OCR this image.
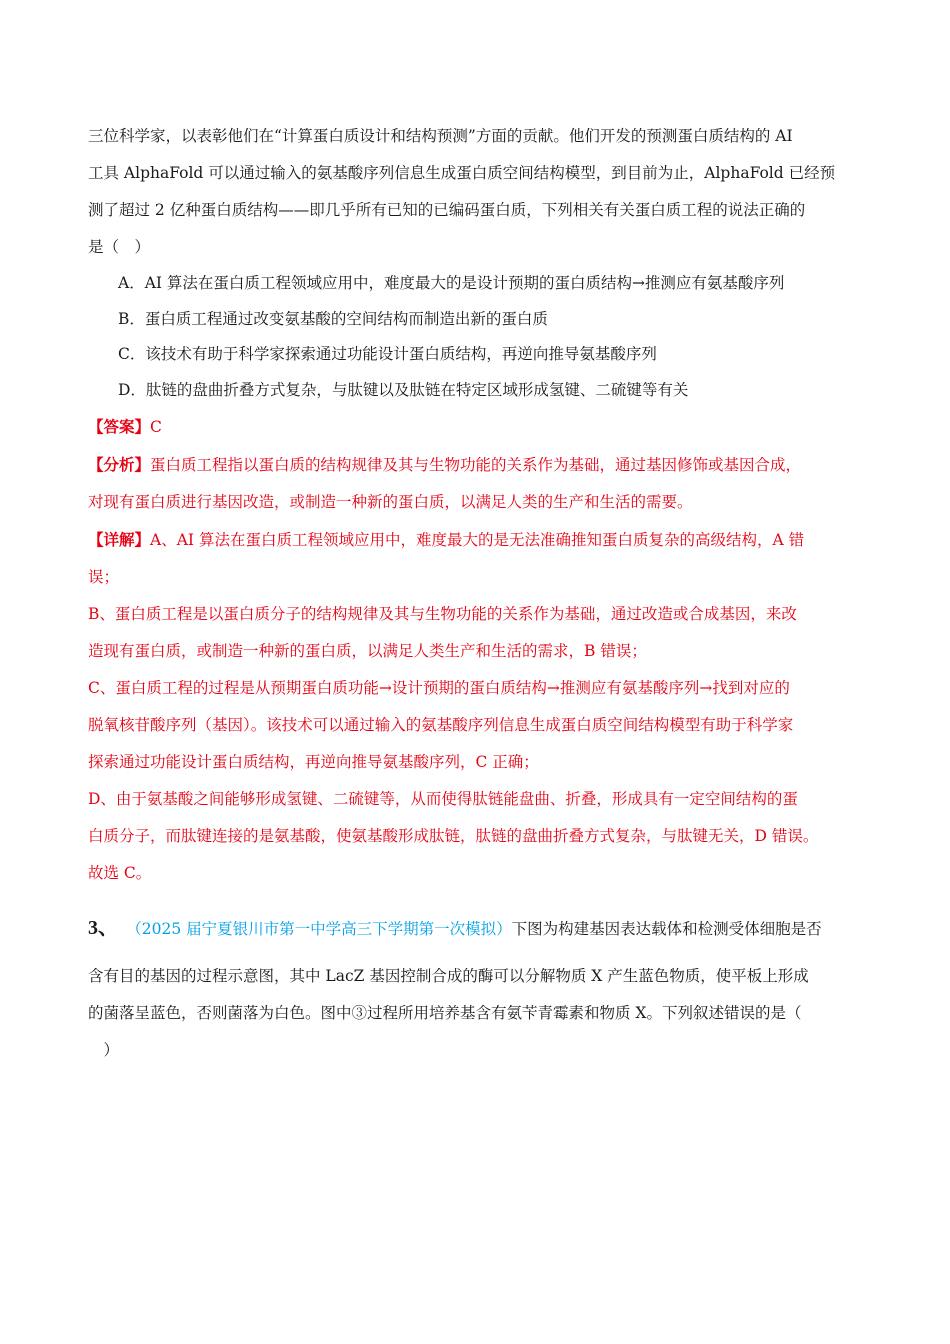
三位科学家，以表彰他们在“计算蛋白质设计和结构预测”方面的贡献。他们开发的预测蛋白质结构的 AI

工具 AlphaFold 可以通过输入的氨基酸序列信息生成蛋白质空间结构模型，到目前为止，AlphaFold 已经预

测了超过 2 亿种蛋白质结构——即几乎所有已知的已编码蛋白质，下列相关有关蛋白质工程的说法正确的

是（　）

A．AI 算法在蛋白质工程领域应用中，难度最大的是设计预期的蛋白质结构→推测应有氨基酸序列

B．蛋白质工程通过改变氨基酸的空间结构而制造出新的蛋白质

C．该技术有助于科学家探索通过功能设计蛋白质结构，再逆向推导氨基酸序列

D．肽链的盘曲折叠方式复杂，与肽键以及肽链在特定区域形成氢键、二硫键等有关

【答案】C

【分析】蛋白质工程指以蛋白质的结构规律及其与生物功能的关系作为基础，通过基因修饰或基因合成，

对现有蛋白质进行基因改造，或制造一种新的蛋白质，以满足人类的生产和生活的需要。

【详解】A、AI 算法在蛋白质工程领域应用中，难度最大的是无法准确推知蛋白质复杂的高级结构，A 错

误；

B、蛋白质工程是以蛋白质分子的结构规律及其与生物功能的关系作为基础，通过改造或合成基因，来改

造现有蛋白质，或制造一种新的蛋白质，以满足人类生产和生活的需求，B 错误；

C、蛋白质工程的过程是从预期蛋白质功能→设计预期的蛋白质结构→推测应有氨基酸序列→找到对应的

脱氧核苷酸序列（基因）。该技术可以通过输入的氨基酸序列信息生成蛋白质空间结构模型有助于科学家

探索通过功能设计蛋白质结构，再逆向推导氨基酸序列，C 正确；

D、由于氨基酸之间能够形成氢键、二硫键等，从而使得肽链能盘曲、折叠，形成具有一定空间结构的蛋

白质分子，而肽键连接的是氨基酸，使氨基酸形成肽链，肽链的盘曲折叠方式复杂，与肽键无关，D 错误。

故选 C。

3、 （2025 届宁夏银川市第一中学高三下学期第一次模拟）下图为构建基因表达载体和检测受体细胞是否

含有目的基因的过程示意图，其中 LacZ 基因控制合成的酶可以分解物质 X 产生蓝色物质，使平板上形成

的菌落呈蓝色，否则菌落为白色。图中③过程所用培养基含有氨苄青霉素和物质 X。下列叙述错误的是（

　）
